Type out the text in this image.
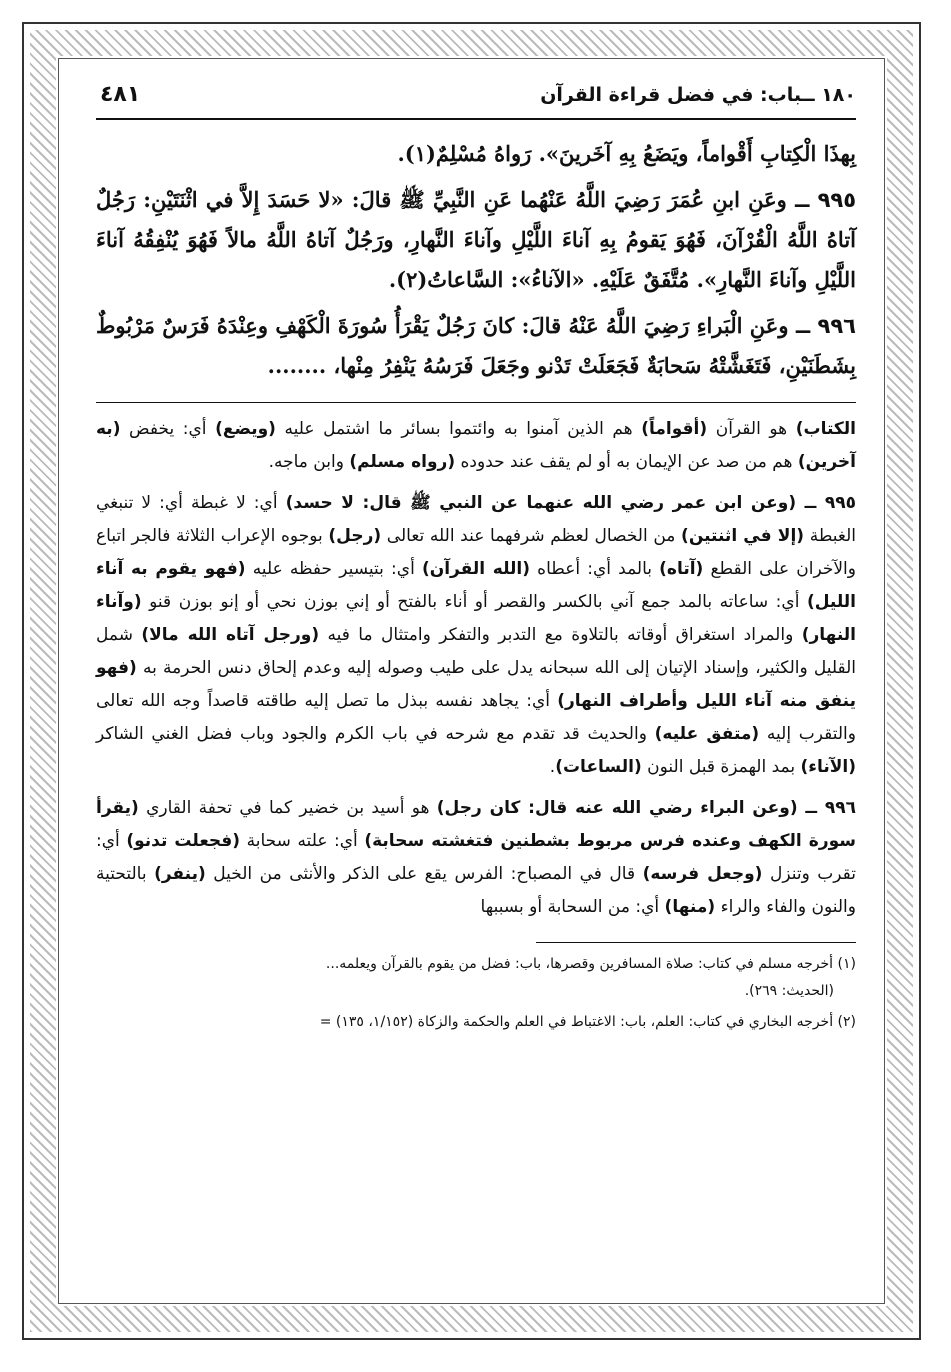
١٨٠ ــباب: في فضل قراءة القرآن
٤٨١

بِهذَا الْكِتابِ أَقْواماً، ويَضَعُ بِهِ آخَرينَ». رَواهُ مُسْلِمٌ(١).

٩٩٥ ــ وعَنِ ابنِ عُمَرَ رَضِيَ اللَّهُ عَنْهُما عَنِ النَّبِيِّ ﷺ قالَ: «لا حَسَدَ إِلاَّ في اثْنَتَيْنِ: رَجُلٌ آتاهُ اللَّهُ الْقُرْآنَ، فَهُوَ يَقومُ بِهِ آناءَ اللَّيْلِ وآناءَ النَّهارِ، ورَجُلٌ آتاهُ اللَّهُ مالاً فَهُوَ يُنْفِقُهُ آناءَ اللَّيْلِ وآناءَ النَّهارِ». مُتَّفَقٌ عَلَيْهِ. «الآناءُ»: السَّاعاتُ(٢).

٩٩٦ ــ وعَنِ الْبَراءِ رَضِيَ اللَّهُ عَنْهُ قالَ: كانَ رَجُلٌ يَقْرَأُ سُورَةَ الْكَهْفِ وعِنْدَهُ فَرَسٌ مَرْبُوطٌ بِشَطَنَيْنِ، فَتَغَشَّتْهُ سَحابَةٌ فَجَعَلَتْ تَدْنو وجَعَلَ فَرَسُهُ يَنْفِرُ مِنْها، ........

الكتاب) هو القرآن (أقواماً) هم الذين آمنوا به وائتموا بسائر ما اشتمل عليه (ويضع) أي: يخفض (به آخرين) هم من صد عن الإيمان به أو لم يقف عند حدوده (رواه مسلم) وابن ماجه.

٩٩٥ ــ (وعن ابن عمر رضي الله عنهما عن النبي ﷺ قال: لا حسد) أي: لا غبطة أي: لا تنبغي الغبطة (إلا في اثنتين) من الخصال لعظم شرفهما عند الله تعالى (رجل) بوجوه الإعراب الثلاثة فالجر اتباع والآخران على القطع (آتاه) بالمد أي: أعطاه (الله القرآن) أي: بتيسير حفظه عليه (فهو يقوم به آناء الليل) أي: ساعاته بالمد جمع آني بالكسر والقصر أو أناء بالفتح أو إني بوزن نحي أو إنو بوزن قنو (وآناء النهار) والمراد استغراق أوقاته بالتلاوة مع التدبر والتفكر وامتثال ما فيه (ورجل آتاه الله مالا) شمل القليل والكثير، وإسناد الإتيان إلى الله سبحانه يدل على طيب وصوله إليه وعدم إلحاق دنس الحرمة به (فهو ينفق منه آناء الليل وأطراف النهار) أي: يجاهد نفسه ببذل ما تصل إليه طاقته قاصداً وجه الله تعالى والتقرب إليه (متفق عليه) والحديث قد تقدم مع شرحه في باب الكرم والجود وباب فضل الغني الشاكر (الآناء) بمد الهمزة قبل النون (الساعات).

٩٩٦ ــ (وعن البراء رضي الله عنه قال: كان رجل) هو أسيد بن خضير كما في تحفة القاري (يقرأ سورة الكهف وعنده فرس مربوط بشطنين فتغشته سحابة) أي: علته سحابة (فجعلت تدنو) أي: تقرب وتنزل (وجعل فرسه) قال في المصباح: الفرس يقع على الذكر والأنثى من الخيل (ينفر) بالتحتية والنون والفاء والراء (منها) أي: من السحابة أو بسببها

(١) أخرجه مسلم في كتاب: صلاة المسافرين وقصرها، باب: فضل من يقوم بالقرآن ويعلمه...
(الحديث: ٢٦٩).

(٢) أخرجه البخاري في كتاب: العلم، باب: الاغتباط في العلم والحكمة والزكاة (١/١٥٢، ١٣٥) =
